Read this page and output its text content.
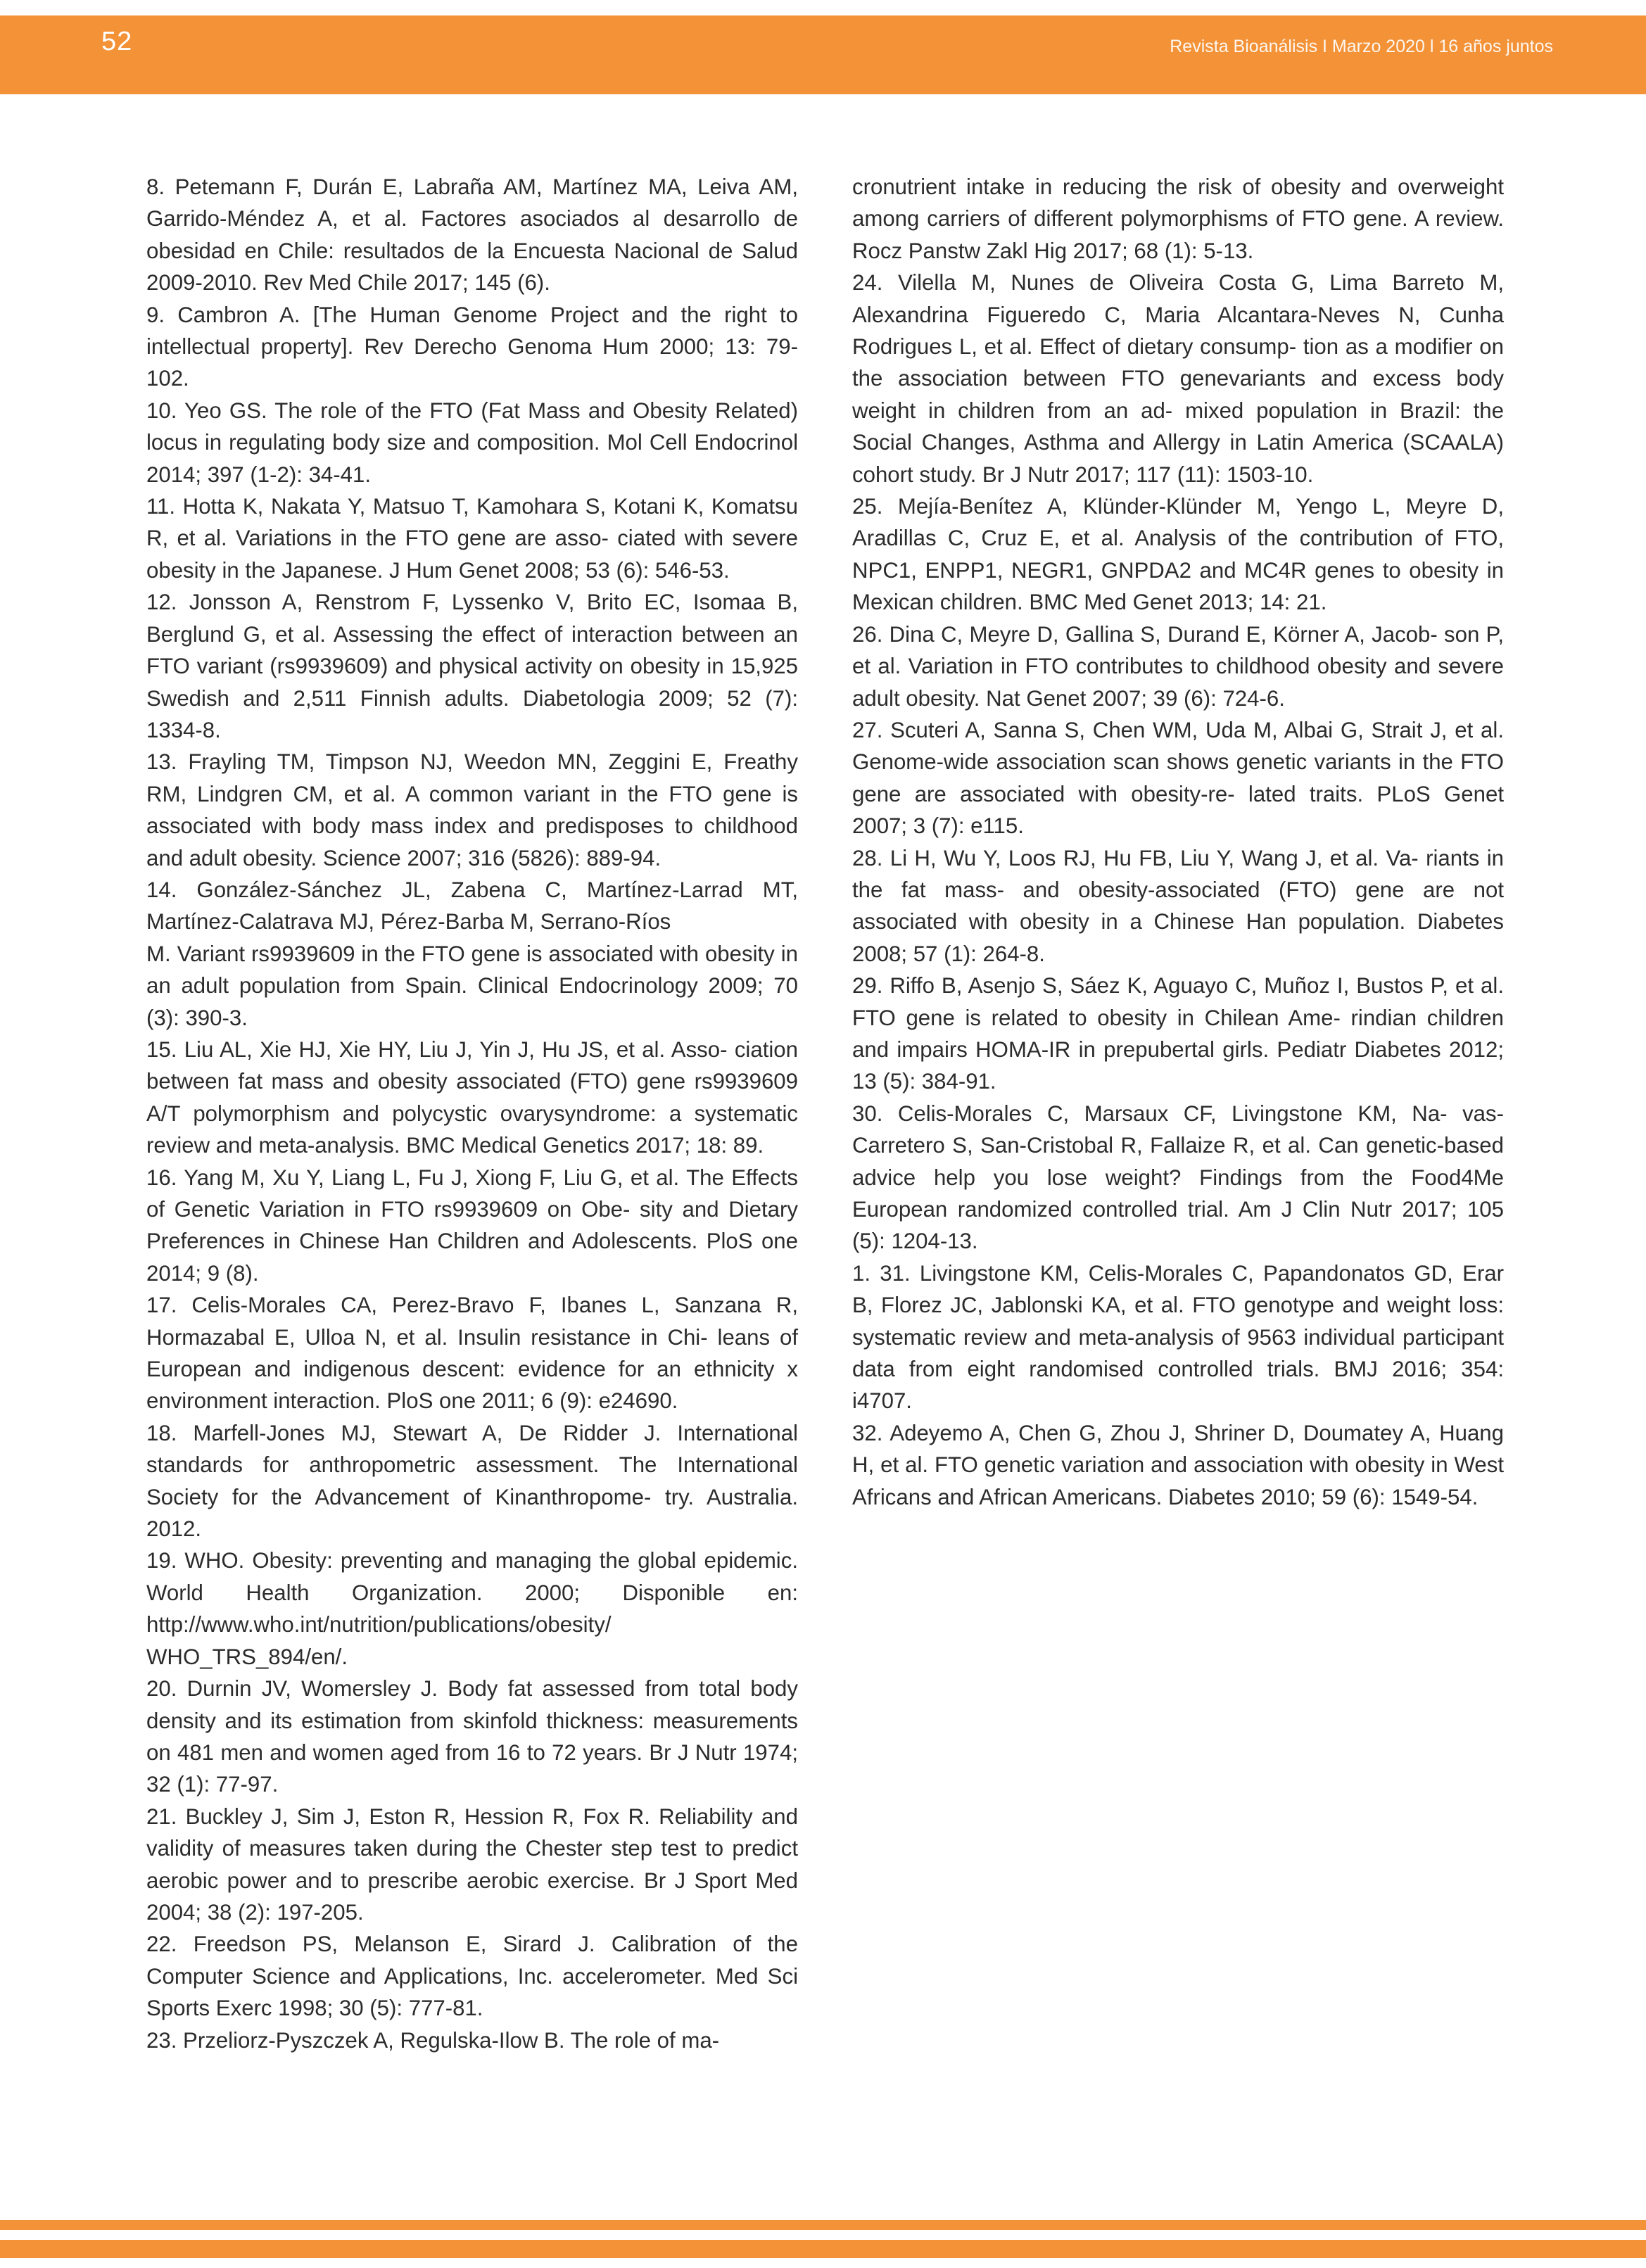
52	Revista Bioanálisis I Marzo 2020 l 16 años juntos

8. Petemann F, Durán E, Labraña AM, Martínez MA, Leiva AM, Garrido-Méndez A, et al. Factores asociados al desarrollo de obesidad en Chile: resultados de la Encuesta Nacional de Salud 2009-2010. Rev Med Chile 2017; 145 (6).

9. Cambron A. [The Human Genome Project and the right to intellectual property]. Rev Derecho Genoma Hum 2000; 13: 79-102.

10. Yeo GS. The role of the FTO (Fat Mass and Obesity Related) locus in regulating body size and composition. Mol Cell Endocrinol 2014; 397 (1-2): 34-41.

11. Hotta K, Nakata Y, Matsuo T, Kamohara S, Kotani K, Komatsu R, et al. Variations in the FTO gene are asso- ciated with severe obesity in the Japanese. J Hum Genet 2008; 53 (6): 546-53.

12. Jonsson A, Renstrom F, Lyssenko V, Brito EC, Isomaa B, Berglund G, et al. Assessing the effect of interaction between an FTO variant (rs9939609) and physical activity on obesity in 15,925 Swedish and 2,511 Finnish adults. Diabetologia 2009; 52 (7): 1334-8.

13. Frayling TM, Timpson NJ, Weedon MN, Zeggini E, Freathy RM, Lindgren CM, et al. A common variant in the FTO gene is associated with body mass index and predisposes to childhood and adult obesity. Science 2007; 316 (5826): 889-94.

14. González-Sánchez JL, Zabena C, Martínez-Larrad MT, Martínez-Calatrava MJ, Pérez-Barba M, Serrano-Ríos

M. Variant rs9939609 in the FTO gene is associated with obesity in an adult population from Spain. Clinical Endocrinology 2009; 70 (3): 390-3.

15. Liu AL, Xie HJ, Xie HY, Liu J, Yin J, Hu JS, et al. Asso- ciation between fat mass and obesity associated (FTO) gene rs9939609 A/T polymorphism and polycystic ovarysyndrome: a systematic review and meta-analysis. BMC Medical Genetics 2017; 18: 89.

16. Yang M, Xu Y, Liang L, Fu J, Xiong F, Liu G, et al. The Effects of Genetic Variation in FTO rs9939609 on Obe- sity and Dietary Preferences in Chinese Han Children and Adolescents. PloS one 2014; 9 (8).

17. Celis-Morales CA, Perez-Bravo F, Ibanes L, Sanzana R, Hormazabal E, Ulloa N, et al. Insulin resistance in Chi- leans of European and indigenous descent: evidence for an ethnicity x environment interaction. PloS one 2011; 6 (9): e24690.

18. Marfell-Jones MJ, Stewart A, De Ridder J. International standards for anthropometric assessment. The International Society for the Advancement of Kinanthropome- try. Australia. 2012.

19. WHO. Obesity: preventing and managing the global epidemic. World Health Organization. 2000; Disponible en: http://www.who.int/nutrition/publications/obesity/ WHO_TRS_894/en/.

20. Durnin JV, Womersley J. Body fat assessed from total body density and its estimation from skinfold thickness: measurements on 481 men and women aged from 16 to 72 years. Br J Nutr 1974; 32 (1): 77-97.

21. Buckley J, Sim J, Eston R, Hession R, Fox R. Reliability and validity of measures taken during the Chester step test to predict aerobic power and to prescribe aerobic exercise. Br J Sport Med 2004; 38 (2): 197-205.

22. Freedson PS, Melanson E, Sirard J. Calibration of the Computer Science and Applications, Inc. accelerometer. Med Sci Sports Exerc 1998; 30 (5): 777-81.

23. Przeliorz-Pyszczek A, Regulska-Ilow B. The role of ma-

cronutrient intake in reducing the risk of obesity and overweight among carriers of different polymorphisms of FTO gene. A review. Rocz Panstw Zakl Hig 2017; 68 (1): 5-13.

24. Vilella M, Nunes de Oliveira Costa G, Lima Barreto M, Alexandrina Figueredo C, Maria Alcantara-Neves N, Cunha Rodrigues L, et al. Effect of dietary consump- tion as a modifier on the association between FTO genevariants and excess body weight in children from an ad- mixed population in Brazil: the Social Changes, Asthma and Allergy in Latin America (SCAALA) cohort study. Br J Nutr 2017; 117 (11): 1503-10.

25. Mejía-Benítez A, Klünder-Klünder M, Yengo L, Meyre D, Aradillas C, Cruz E, et al. Analysis of the contribution of FTO, NPC1, ENPP1, NEGR1, GNPDA2 and MC4R genes to obesity in Mexican children. BMC Med Genet 2013; 14: 21.

26. Dina C, Meyre D, Gallina S, Durand E, Körner A, Jacob- son P, et al. Variation in FTO contributes to childhood obesity and severe adult obesity. Nat Genet 2007; 39 (6): 724-6.

27. Scuteri A, Sanna S, Chen WM, Uda M, Albai G, Strait J, et al. Genome-wide association scan shows genetic variants in the FTO gene are associated with obesity-re- lated traits. PLoS Genet 2007; 3 (7): e115.

28. Li H, Wu Y, Loos RJ, Hu FB, Liu Y, Wang J, et al. Va- riants in the fat mass- and obesity-associated (FTO) gene are not associated with obesity in a Chinese Han population. Diabetes 2008; 57 (1): 264-8.

29. Riffo B, Asenjo S, Sáez K, Aguayo C, Muñoz I, Bustos P, et al. FTO gene is related to obesity in Chilean Ame- rindian children and impairs HOMA-IR in prepubertal girls. Pediatr Diabetes 2012; 13 (5): 384-91.

30. Celis-Morales C, Marsaux CF, Livingstone KM, Na- vas-Carretero S, San-Cristobal R, Fallaize R, et al. Can genetic-based advice help you lose weight? Findings from the Food4Me European randomized controlled trial. Am J Clin Nutr 2017; 105 (5): 1204-13.

1. 31. Livingstone KM, Celis-Morales C, Papandonatos GD, Erar B, Florez JC, Jablonski KA, et al. FTO genotype and weight loss: systematic review and meta-analysis of 9563 individual participant data from eight randomised controlled trials. BMJ 2016; 354: i4707.

32. Adeyemo A, Chen G, Zhou J, Shriner D, Doumatey A, Huang H, et al. FTO genetic variation and association with obesity in West Africans and African Americans. Diabetes 2010; 59 (6): 1549-54.
